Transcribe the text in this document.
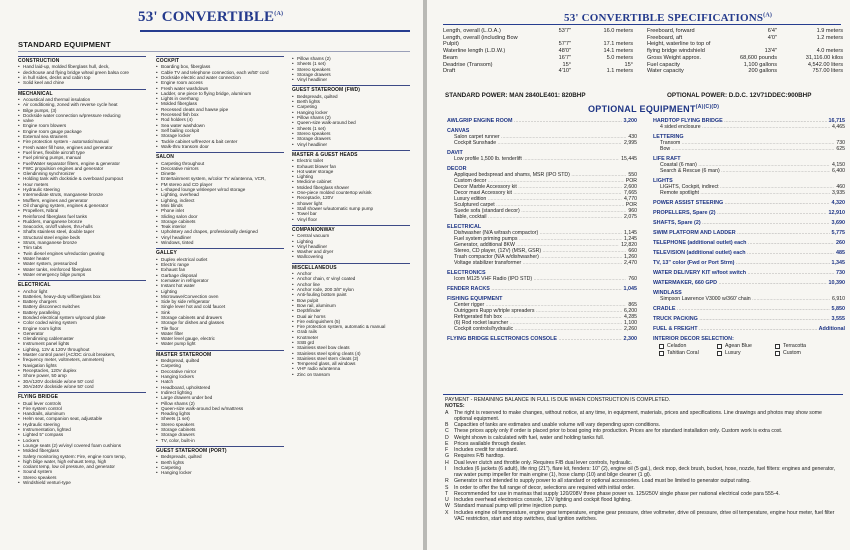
53' $CONVERTIBLE^{(A)}$
STANDARD EQUIPMENT
CONSTRUCTION
• Hand laid-up, molded fiberglass hull, deck,
• deckhouse and flying bridge w/teal green balsa core
• in hull sides, decks and cabin top
• Solid keel and chine
MECHANICAL
• Acoustical and thermal insulation
• Air conditioning, zoned with reverse cycle heat
• Bilge pumps, (3)
• Dockside water connection w/pressure reducing
• valve
• Engine room blowers
• Engine room gauge package
• External sea strainers
• Fire protection system - automatic/manual
• Fresh water fill hose, engines and generator
• Fuel lines, flexible aircraft type
• Fuel priming pumps, manual
• Fuel/Water separator filters, engine & generator
• FWC propulsion engines and generator
• Glendinning synchronizer
• Holding tank with dockside & overboard pumpout
• Hour meters
• Hydraulic steering
• Intermediate struts, manganese bronze
• Mufflers, engines and generator
• Oil changing system, engines & generator
• Propellers, Nibral
• Reinforced fiberglass fuel tanks
• Rudders, manganese bronze
• Seacocks, on/off valves, thru-hulls
• Shafts stainless steel, double taper
• Structural steel engine beds
• Struts, manganese bronze
• Trim tabs
• Twin diesel engines w/reduction gearing
• Water heater
• Water system, pressurized
• Water tanks, reinforced fiberglass
• Water emergency bilge pumps
ELECTRICAL
• Anchor light
• Batteries, heavy-duty w/fiberglass box
• Battery chargers
• Battery disconnect switches
• Battery paralleling
• Bonded electrical system w/ground plate
• Color coded wiring system
• Engine room lights
• Generator
• Glendinning cablemaster
• Instrument panel lights
• Lighting, 12V & 120V throughout
• Master control panel (AC/DC circuit breakers,
• frequency meter, voltmeters, ammeters)
• Navigation lights
• Receptacles, 120V duplex
• Shore power, 50 amp
• 30A/120V dockside w/one 50' cord
• 30A/240V dockside w/one 50' cord
FLYING BRIDGE
• Dual lever controls
• Fire system control
• Handrails, aluminum
• Helm seat, companion seat, adjustable
• Hydraulic steering
• Instrumentation, lighted
• Lighted 5" compass
• Lockers
• Lounge seats (2) w/vinyl covered foam cushions
• Molded fiberglass
• Safety monitoring system: Fire, engine room temp,
• high bilge water, high exhaust temp, high
• coolant temp, low oil pressure, and generator
• Sound system
• Stereo speakers
• Windshield venturi-type
COCKPIT
• Boarding box, fiberglass
• Cable TV and telephone connection, each w/50' cord
• Dockside electric and water connection
• Engine room access
• Fresh water washdown
• Ladder, one piece to flying bridge, aluminum
• Lights in overhang
• Molded fiberglass
• Recessed cleats and hawse pipe
• Recessed fish box
• Rod holders (4)
• Sea water washdown
• Self bailing cockpit
• Storage locker
• Tackle cabinet w/freezer & bait center
• Walk-thru transom door
SALON
• Carpeting throughout
• Decorative mirrors
• Dinette
• Entertainment system, w/color TV w/antenna, VCR,
• FM stereo and CD player
• L-shaped lounge w/sleeper w/rod storage
• Lighting, overhead
• Lighting, indirect
• Mini blinds
• Phone inlet
• Sliding salon door
• Storage cabinets
• Teak interior
• Upholstery and drapes, professionally designed
• Vinyl headliner
• Windows, tinted
GALLEY
• Duplex electrical outlet
• Electric range
• Exhaust fan
• Garbage disposal
• Icemaker in refrigerator
• Instant hot water
• Lighting
• Microwave/Convection oven
• Side by side refrigerator
• Single lever hot and cold faucet
• Sink
• Storage cabinets and drawers
• Storage for dishes and glasses
• Tile floor
• Water filter
• Water level gauge, electric
• Water pump light
MASTER STATEROOM
• Bedspread, quilted
• Carpeting
• Decorative mirror
• Hanging lockers
• Hatch
• Headboard, upholstered
• Indirect lighting
• Large drawers under bed
• Pillow shams (2)
• Queen-size walk-around bed w/mattress
• Reading lights
• Sheets (1 set)
• Stereo speakers
• Storage cabinets
• Storage drawers
• TV, color, built-in
GUEST STATEROOM (PORT)
• Bedspreads, quilted
• Berth lights
• Carpeting
• Hanging locker
• Pillow shams (2)
• Sheets (1 set)
• Stereo speakers
• Storage drawers
• Vinyl headliner
GUEST STATEROOM (FWD)
• Bedspreads, quilted
• Berth lights
• Carpeting
• Hanging locker
• Pillow shams (2)
• Queen-size walk-around bed
• Sheets (1 set)
• Stereo speakers
• Storage drawers
• Vinyl headliner
MASTER & GUEST HEADS
• Electric toilet
• Exhaust blower fan
• Hot water storage
• Lighting
• Medicine cabinet
• Molded fiberglass shower
• One-piece molded countertop w/sink
• Receptacle, 120V
• Shower light
• Stall shower w/automatic sump pump
• Towel bar
• Vinyl floor
COMPANIONWAY
• Central vacuum
• Lighting
• Vinyl headliner
• Washer and dryer
• Wallcovering
MISCELLANEOUS
• Anchor
• Anchor chain, 6' vinyl coated
• Anchor line
• Anchor rode, 200 3/8" nylon
• Anti-fouling bottom paint
• Bow pulpit
• Bow rail, aluminum
• Depthfinder
• Dual air horns
• Fire extinguishers (5)
• Fire protection system, automatic & manual
• Grab rails
• Knotmeter
• SSB grd
• Stainless steel bow cleats
• Stainless steel spring cleats (4)
• Stainless steel stern cleats (2)
• Tempered glass, all windows
• VHF radio w/antenna
• Zinc on transom
53' CONVERTIBLE $SPECIFICATIONS^{(A)}$
Length, overall (L.O.A.)	53'7"	16.0 meters
Length, overall (including Bow
Pulpit)	57'7"	17.1 meters
Waterline length (L.D.W.)	48'0"	14.1 meters
Beam	16'7"	5.0 meters
Deadrise (Transom)	15°	15°
Draft	4'10"	1.1 meters
Freeboard, forward	6'4"	1.9 meters
Freeboard, aft	4'0"	1.2 meters
Height, waterline to top of
flying bridge windshield	13'4"	4.0 meters
Gross Weight approx.	68,600 pounds	31,116.00 kilos
Fuel capacity	1,100 gallons	4,542.00 liters
Water capacity	200 gallons	757.00 liters
STANDARD POWER: MAN 2840LE401: 820BHP	OPTIONAL POWER: D.D.C. 12V71DDEC:900BHP
OPTIONAL $EQUIPMENT^{(A)(C)(D)}$
AWLGRIP ENGINE ROOM .....	3,200
CANVAS
Salon carpet runner .....	430
Cockpit Sunshade .....	2,995
DAVIT
Low profile 1,500 lb. tenderlift .....	15,445
DECOR
Appliqued bedspread and shams, MSR (IPO STD) .....	550
Custom decor .....	POR
Decor Marble Accessory kit .....	2,600
Decor maxi Accessory kit .....	7,665
Luxury edition .....	4,770
Sculptured carpet .....	POR
Suede sofa (standard decor) .....	960
Table, cocktail .....	2,075
ELECTRICAL
Dishwasher (N/A w/trash compactor) .....	1,145
Fuel system priming pumps .....	1,245
Generator, additional 8KW .....	12,820
Stereo, CD player, (12V) (MSR, GSR) .....	660
Trash compactor (N/A w/dishwasher) .....	1,260
Voltage stabilizer transformer .....	2,470
ELECTRONICS
Icom M125 VHF Radio (IPO STD) .....	760
FENDER RACKS .....	1,045
FISHING EQUIPMENT
Center rigger .....	865
Outriggers Rupp w/triple spreaders .....	6,200
Refrigerated fish box .....	4,285
(6) Rod rocket launcher .....	1,100
Cockpit controls/hydraulic .....	2,260
FLYING BRIDGE ELECTRONICS CONSOLE .....	2,300
HARDTOP FLYING BRIDGE .....	16,715
4 sided enclosure .....	4,465
LETTERING
Transom .....	730
Bow .....	625
LIFE RAFT
Coastal (6 man) .....	4,150
Search & Rescue (6 man) .....	6,400
LIGHTS
LIGHTS, Cockpit, indirect .....	460
Remote spotlight .....	3,935
POWER ASSIST STEERING .....	4,320
PROPELLERS, Spare (2) .....	12,910
SHAFTS, Spare (2) .....	3,690
SWIM PLATFORM AND LADDER .....	5,775
TELEPHONE (additional outlet) each .....	260
TELEVISION (additional outlet) each .....	485
TV, 13" color (Fwd or Port Strm) .....	1,345
WATER DELIVERY KIT w/foot switch .....	730
WATERMAKER, 660 GPD .....	10,390
WINDLASS
Simpson Lawrence V3000 w/360' chain .....	6,910
CRADLE .....	5,850
TRUCK PACKING .....	3,555
FUEL & FREIGHT .....	Additional
INTERIOR DECOR SELECTION:
Celadon	Agean Blue	Terracotta
Tahitian Coral	Luxury	Custom
PAYMENT - REMAINING BALANCE IN FULL IS DUE WHEN CONSTRUCTION IS COMPLETED.
NOTES:
A	The right is reserved to make changes, without notice, at any time, in equipment, materials, prices and specifications. Line drawings and photos may show some optional equipment.
B	Capacities of tanks are estimates and usable volume will vary depending upon conditions.
C	These prices apply only if order is placed prior to boat going into production. Prices are for standard installation only. Custom work is extra cost.
D	Weight shown is calculated with fuel, water and holding tanks full.
E	Prices available through dealer.
F	Includes credit for standard.
G Requires F/B hardtop.
H	Dual lever clutch and throttle only. Requires F/B dual lever controls, hydraulic.
I	Includes (6 jackets (6 adult), life ring (21"), flare kit, fenders: 10" (2), engine oil (5 gal.), deck mop, deck brush, bucket, hose, nozzle, fuel filters: engines and generator, raw water pump impeller for main engine (1), hose clamp (10) and bilge cleaner (1 gl).
R	Generator is not intended to supply power to all standard or optional accessories. Load must be limited to generator output rating.
S	In order to offer the full range of decor, selections are required with initial order.
T	Recommended for use in marinas that supply 120/208V three phase power vs. 125/250V single phase per national electrical code para 555-4.
U	Includes overhead electronics console, 12V lighting and cockpit flood lighting.
W Standard manual pump will prime injection pump.
X	Includes engine oil temperature, engine gear temperature, engine gear pressure, drive voltmeter, drive oil pressure, drive oil temperature, engine hour meter, fuel filter VAC restriction, start and stop switches, dual ignition switches.
